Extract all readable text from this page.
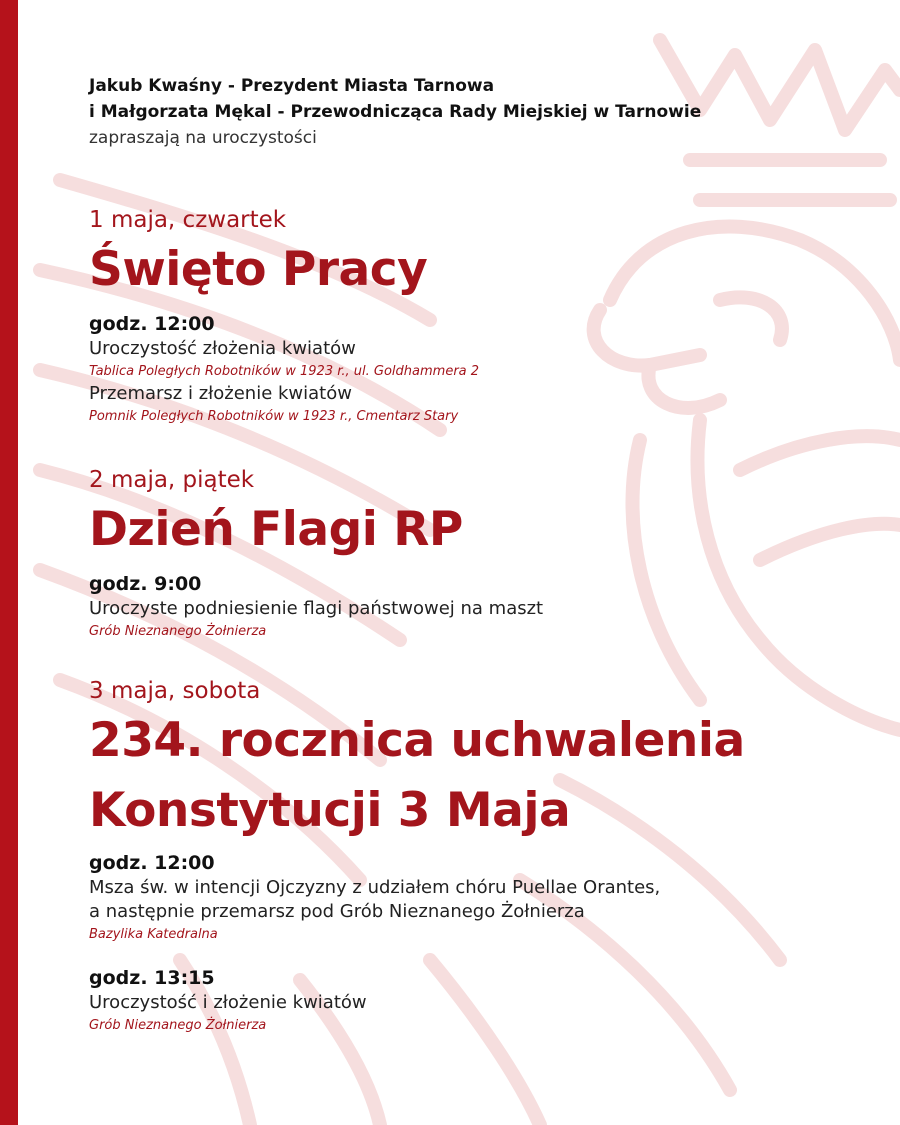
Jakub Kwaśny - Prezydent Miasta Tarnowa
i Małgorzata Mękal - Przewodnicząca Rady Miejskiej w Tarnowie
zapraszają na uroczystości
1 maja, czwartek
Święto Pracy
godz. 12:00
Uroczystość złożenia kwiatów
Tablica Poległych Robotników w 1923 r., ul. Goldhammera 2
Przemarsz i złożenie kwiatów
Pomnik Poległych Robotników w 1923 r., Cmentarz Stary
2 maja, piątek
Dzień Flagi RP
godz. 9:00
Uroczyste podniesienie flagi państwowej na maszt
Grób Nieznanego Żołnierza
3 maja, sobota
234. rocznica uchwalenia
Konstytucji 3 Maja
godz. 12:00
Msza św. w intencji Ojczyzny z udziałem chóru Puellae Orantes,
a następnie przemarsz pod Grób Nieznanego Żołnierza
Bazylika Katedralna
godz. 13:15
Uroczystość i złożenie kwiatów
Grób Nieznanego Żołnierza
